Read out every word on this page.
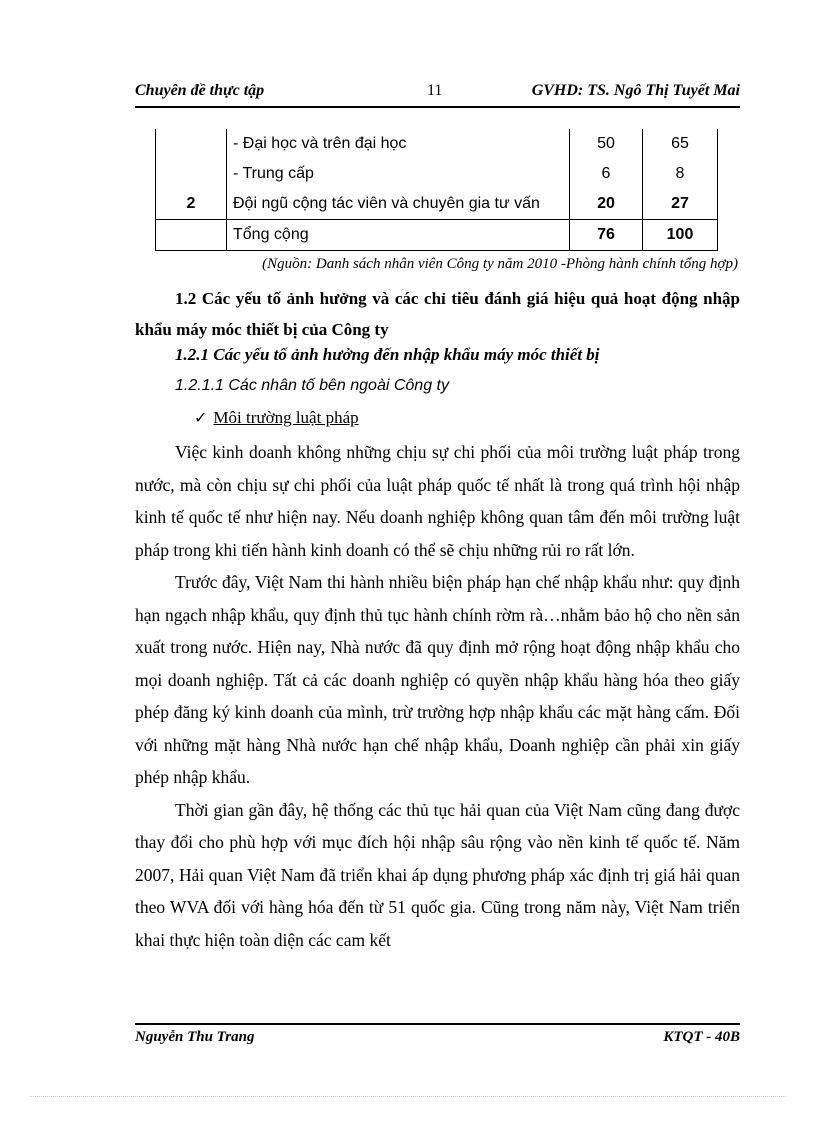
Chuyên đề thực tập	11	GVHD: TS. Ngô Thị Tuyết Mai
	- Đại học và trên đại học	50	65
	- Trung cấp	6	8
2	Đội ngũ cộng tác viên và chuyên gia tư vấn	20	27
	Tổng cộng	76	100
(Nguồn: Danh sách nhân viên Công ty năm 2010 -Phòng hành chính tổng hợp)
1.2 Các yếu tố ảnh hưởng và các chỉ tiêu đánh giá hiệu quả hoạt động nhập khẩu máy móc thiết bị của Công ty
1.2.1 Các yếu tố ảnh hưởng đến nhập khẩu máy móc thiết bị
1.2.1.1 Các nhân tố bên ngoài Công ty
✓ Môi trường luật pháp

Việc kinh doanh không những chịu sự chi phối của môi trường luật pháp trong nước, mà còn chịu sự chi phối của luật pháp quốc tế nhất là trong quá trình hội nhập kinh tế quốc tế như hiện nay. Nếu doanh nghiệp không quan tâm đến môi trường luật pháp trong khi tiến hành kinh doanh có thể sẽ chịu những rủi ro rất lớn.

Trước đây, Việt Nam thi hành nhiều biện pháp hạn chế nhập khẩu như: quy định hạn ngạch nhập khẩu, quy định thủ tục hành chính rờm rà…nhằm bảo hộ cho nền sản xuất trong nước. Hiện nay, Nhà nước đã quy định mở rộng hoạt động nhập khẩu cho mọi doanh nghiệp. Tất cả các doanh nghiệp có quyền nhập khẩu hàng hóa theo giấy phép đăng ký kinh doanh của mình, trừ trường hợp nhập khẩu các mặt hàng cấm. Đối với những mặt hàng Nhà nước hạn chế nhập khẩu, Doanh nghiệp cần phải xin giấy phép nhập khẩu.

Thời gian gần đây, hệ thống các thủ tục hải quan của Việt Nam cũng đang được thay đổi cho phù hợp với mục đích hội nhập sâu rộng vào nền kinh tế quốc tế. Năm 2007, Hải quan Việt Nam đã triển khai áp dụng phương pháp xác định trị giá hải quan theo WVA đối với hàng hóa đến từ 51 quốc gia. Cũng trong năm này, Việt Nam triển khai thực hiện toàn diện các cam kết

Nguyễn Thu Trang	KTQT - 40B
